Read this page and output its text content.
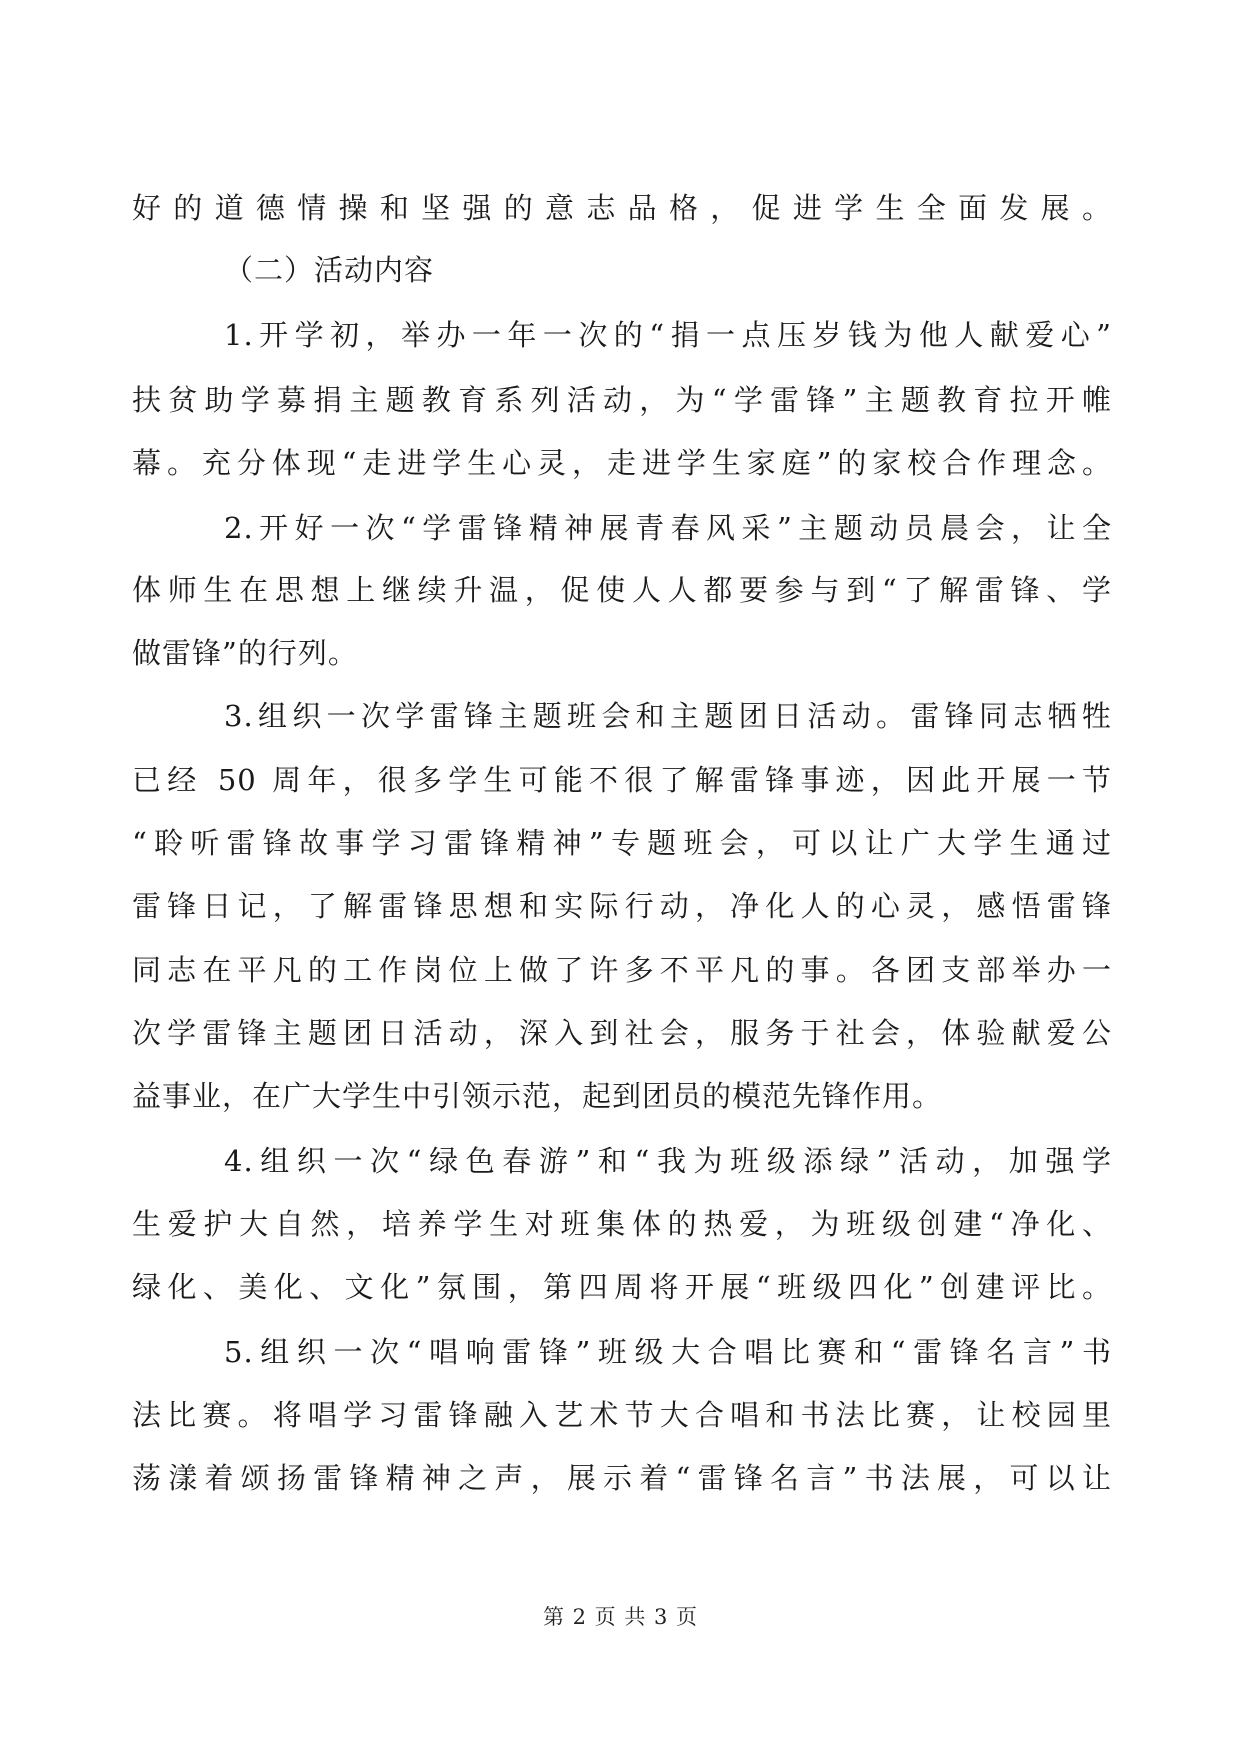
好的道德情操和坚强的意志品格，促进学生全面发展。
（二）活动内容
1.开学初，举办一年一次的“捐一点压岁钱为他人献爱心”
扶贫助学募捐主题教育系列活动，为“学雷锋”主题教育拉开帷
幕。充分体现“走进学生心灵，走进学生家庭”的家校合作理念。
2.开好一次“学雷锋精神展青春风采”主题动员晨会，让全
体师生在思想上继续升温，促使人人都要参与到“了解雷锋、学
做雷锋”的行列。
3.组织一次学雷锋主题班会和主题团日活动。雷锋同志牺牲
已经 50 周年，很多学生可能不很了解雷锋事迹，因此开展一节
“聆听雷锋故事学习雷锋精神”专题班会，可以让广大学生通过
雷锋日记，了解雷锋思想和实际行动，净化人的心灵，感悟雷锋
同志在平凡的工作岗位上做了许多不平凡的事。各团支部举办一
次学雷锋主题团日活动，深入到社会，服务于社会，体验献爱公
益事业，在广大学生中引领示范，起到团员的模范先锋作用。
4.组织一次“绿色春游”和“我为班级添绿”活动，加强学
生爱护大自然，培养学生对班集体的热爱，为班级创建“净化、
绿化、美化、文化”氛围，第四周将开展“班级四化”创建评比。
5.组织一次“唱响雷锋”班级大合唱比赛和“雷锋名言”书
法比赛。将唱学习雷锋融入艺术节大合唱和书法比赛，让校园里
荡漾着颂扬雷锋精神之声，展示着“雷锋名言”书法展，可以让
第 2 页 共 3 页
